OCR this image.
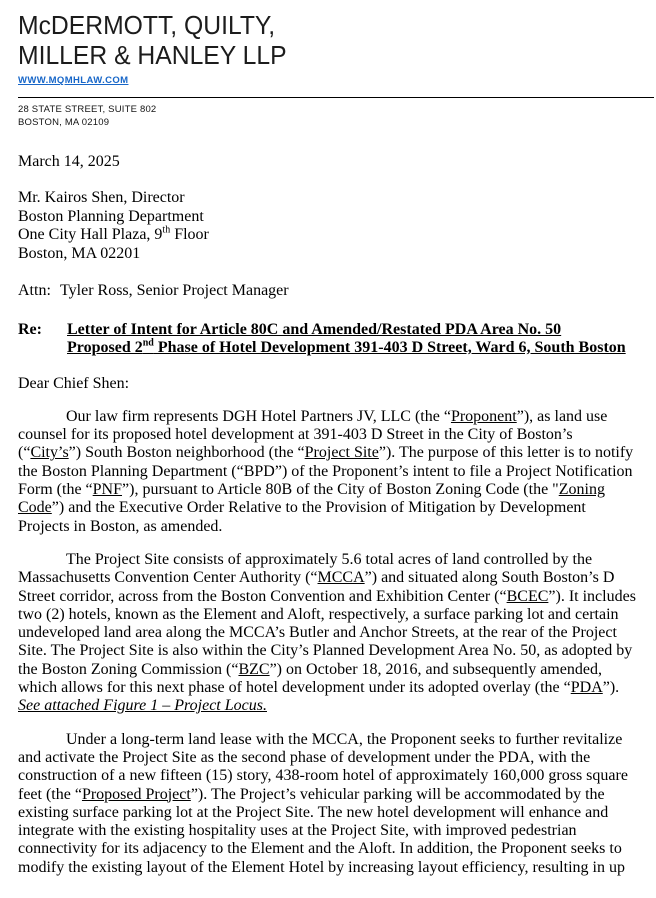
McDERMOTT, QUILTY,
MILLER & HANLEY LLP
WWW.MQMHLAW.COM
28 STATE STREET, SUITE 802
BOSTON, MA 02109
March 14, 2025
Mr. Kairos Shen, Director
Boston Planning Department
One City Hall Plaza, 9th Floor
Boston, MA 02201
Attn: Tyler Ross, Senior Project Manager
Re:	Letter of Intent for Article 80C and Amended/Restated PDA Area No. 50
Proposed 2nd Phase of Hotel Development 391-403 D Street, Ward 6, South Boston
Dear Chief Shen:

Our law firm represents DGH Hotel Partners JV, LLC (the “Proponent”), as land use counsel for its proposed hotel development at 391-403 D Street in the City of Boston’s (“City’s”) South Boston neighborhood (the “Project Site”). The purpose of this letter is to notify the Boston Planning Department (“BPD”) of the Proponent’s intent to file a Project Notification Form (the “PNF”), pursuant to Article 80B of the City of Boston Zoning Code (the "Zoning Code”) and the Executive Order Relative to the Provision of Mitigation by Development Projects in Boston, as amended.

The Project Site consists of approximately 5.6 total acres of land controlled by the Massachusetts Convention Center Authority (“MCCA”) and situated along South Boston’s D Street corridor, across from the Boston Convention and Exhibition Center (“BCEC”). It includes two (2) hotels, known as the Element and Aloft, respectively, a surface parking lot and certain undeveloped land area along the MCCA’s Butler and Anchor Streets, at the rear of the Project Site. The Project Site is also within the City’s Planned Development Area No. 50, as adopted by the Boston Zoning Commission (“BZC”) on October 18, 2016, and subsequently amended, which allows for this next phase of hotel development under its adopted overlay (the “PDA”). See attached Figure 1 – Project Locus.

Under a long-term land lease with the MCCA, the Proponent seeks to further revitalize and activate the Project Site as the second phase of development under the PDA, with the construction of a new fifteen (15) story, 438-room hotel of approximately 160,000 gross square feet (the “Proposed Project”). The Project’s vehicular parking will be accommodated by the existing surface parking lot at the Project Site. The new hotel development will enhance and integrate with the existing hospitality uses at the Project Site, with improved pedestrian connectivity for its adjacency to the Element and the Aloft. In addition, the Proponent seeks to modify the existing layout of the Element Hotel by increasing layout efficiency, resulting in up
